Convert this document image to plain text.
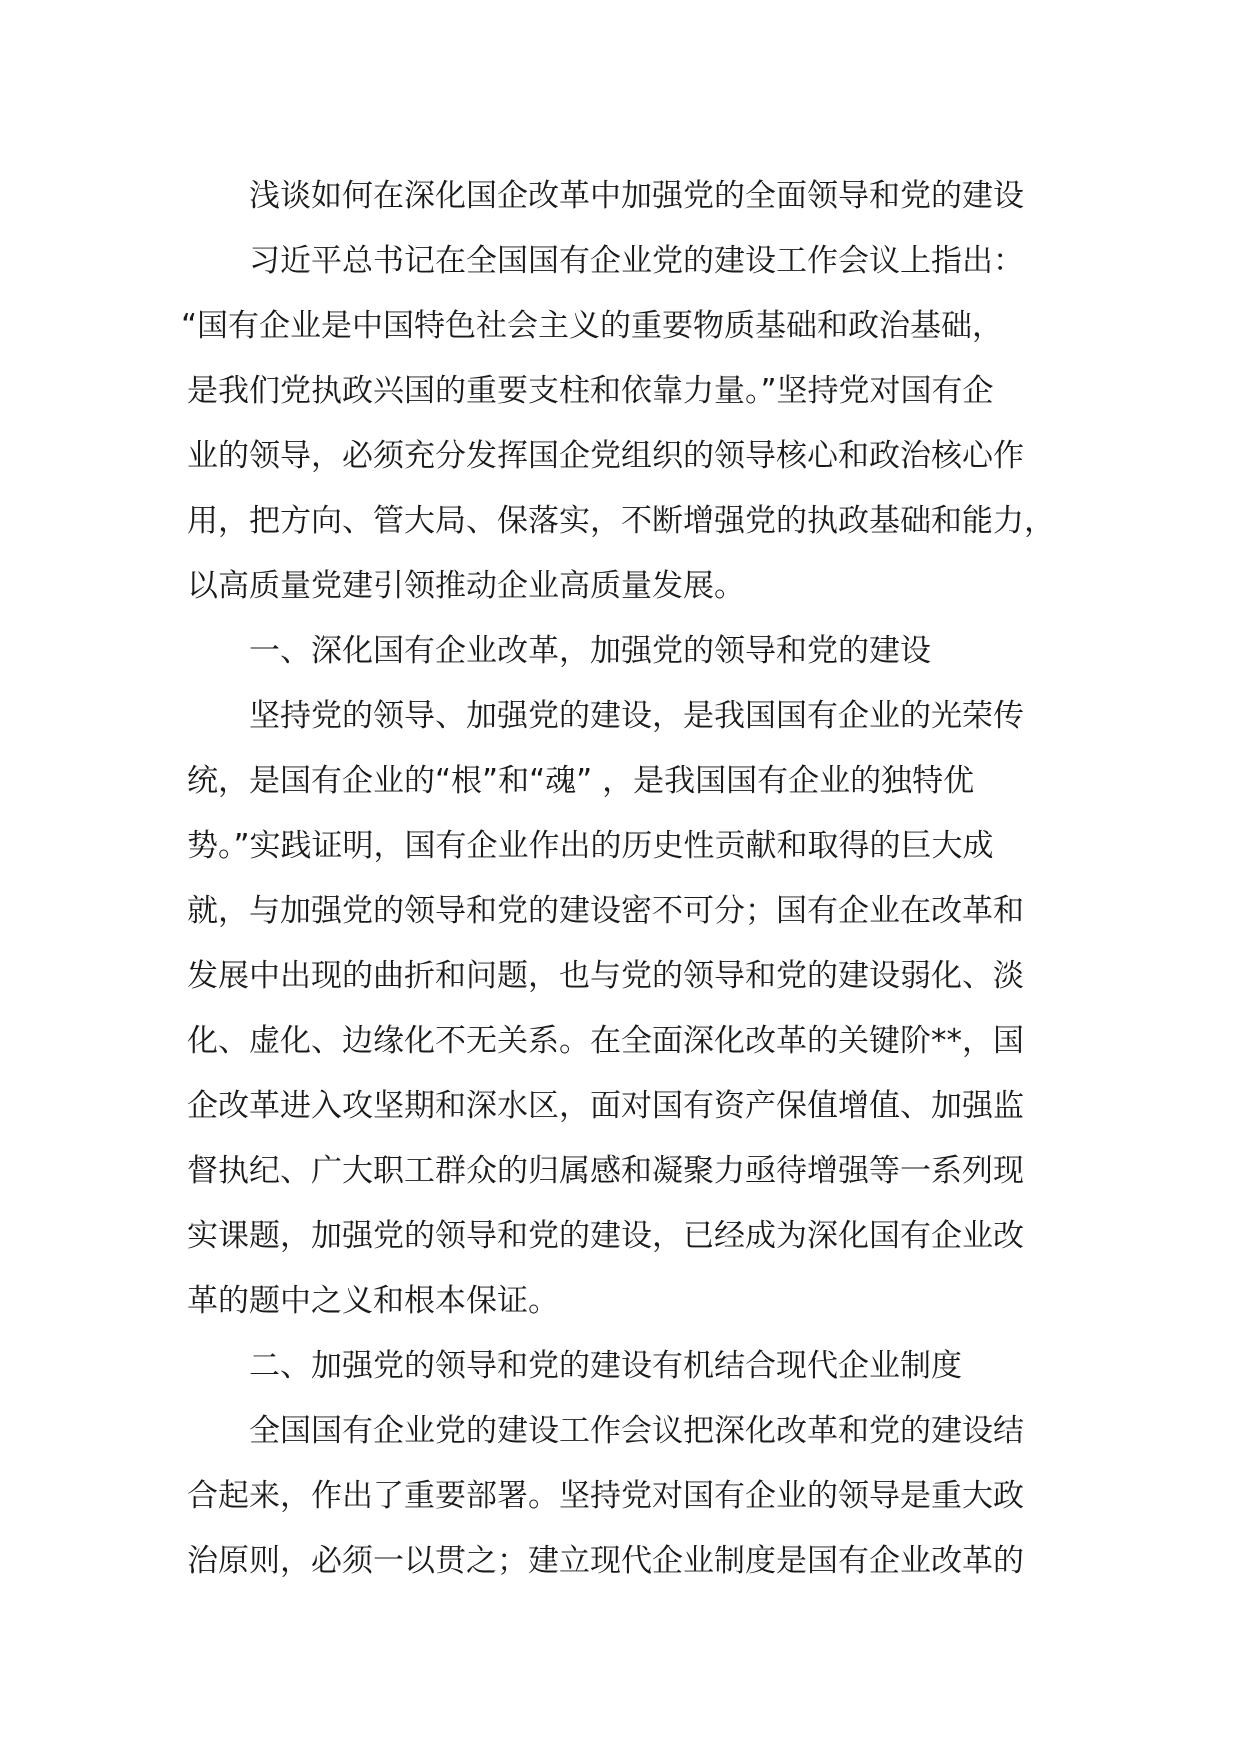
浅谈如何在深化国企改革中加强党的全面领导和党的建设
习近平总书记在全国国有企业党的建设工作会议上指出：
“国有企业是中国特色社会主义的重要物质基础和政治基础，
是我们党执政兴国的重要支柱和依靠力量。”坚持党对国有企
业的领导，必须充分发挥国企党组织的领导核心和政治核心作
用，把方向、管大局、保落实，不断增强党的执政基础和能力，
以高质量党建引领推动企业高质量发展。
一、深化国有企业改革，加强党的领导和党的建设
坚持党的领导、加强党的建设，是我国国有企业的光荣传
统，是国有企业的“根”和“魂” ，是我国国有企业的独特优
势。”实践证明，国有企业作出的历史性贡献和取得的巨大成
就，与加强党的领导和党的建设密不可分；国有企业在改革和
发展中出现的曲折和问题，也与党的领导和党的建设弱化、淡
化、虚化、边缘化不无关系。在全面深化改革的关键阶**，国
企改革进入攻坚期和深水区，面对国有资产保值增值、加强监
督执纪、广大职工群众的归属感和凝聚力亟待增强等一系列现
实课题，加强党的领导和党的建设，已经成为深化国有企业改
革的题中之义和根本保证。
二、加强党的领导和党的建设有机结合现代企业制度
全国国有企业党的建设工作会议把深化改革和党的建设结
合起来，作出了重要部署。坚持党对国有企业的领导是重大政
治原则，必须一以贯之；建立现代企业制度是国有企业改革的
